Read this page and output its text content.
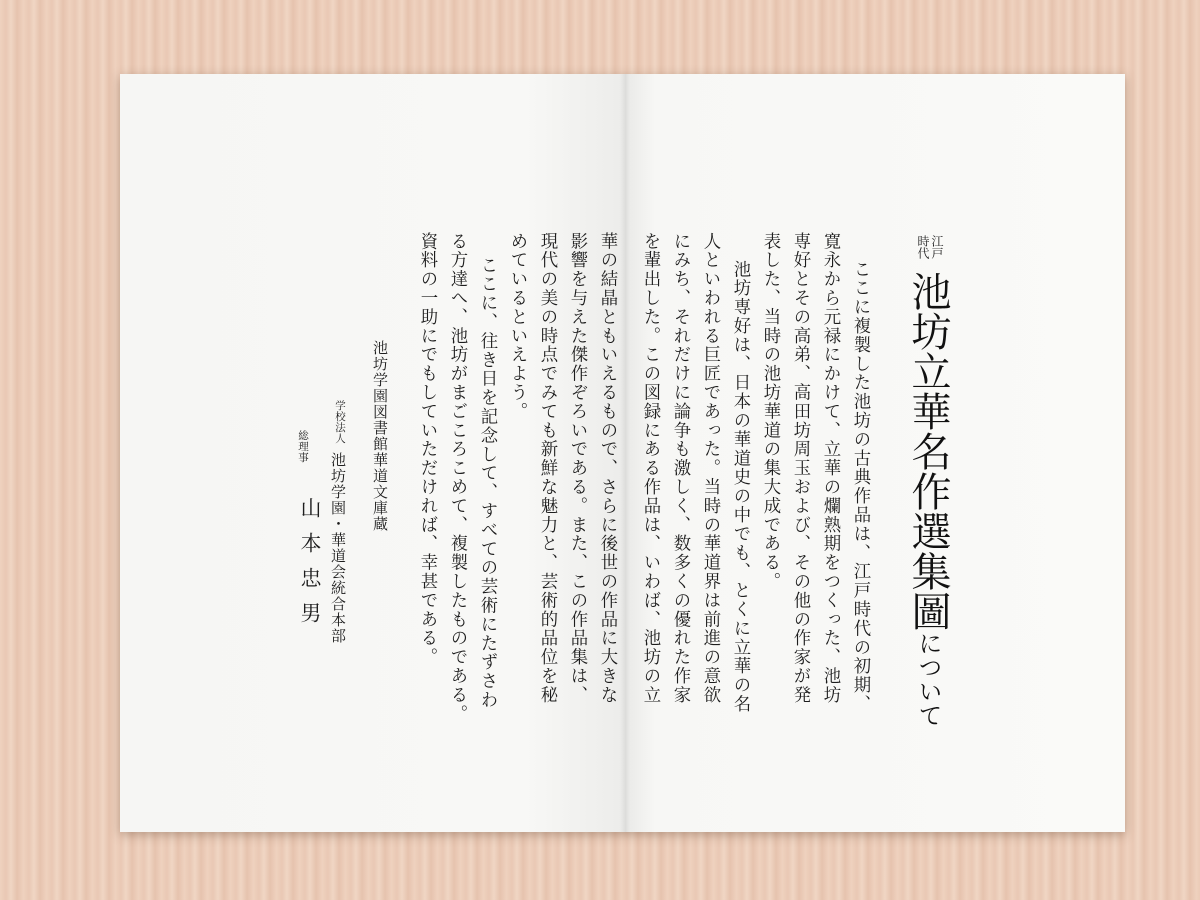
江戸
時代
池坊立華名作選集圖について
ここに複製した池坊の古典作品は、江戸時代の初期、
寛永から元禄にかけて、立華の爛熟期をつくった、池坊
専好とその高弟、高田坊周玉および、その他の作家が発
表した、当時の池坊華道の集大成である。
池坊専好は、日本の華道史の中でも、とくに立華の名
人といわれる巨匠であった。当時の華道界は前進の意欲
にみち、それだけに論争も激しく、数多くの優れた作家
を輩出した。この図録にある作品は、いわば、池坊の立
華の結晶ともいえるもので、さらに後世の作品に大きな
影響を与えた傑作ぞろいである。また、この作品集は、
現代の美の時点でみても新鮮な魅力と、芸術的品位を秘
めているといえよう。
ここに、往き日を記念して、すべての芸術にたずさわ
る方達へ、池坊がまごころこめて、複製したものである。
資料の一助にでもしていただければ、幸甚である。
池坊学園図書館華道文庫蔵
学校法人
池坊学園・華道会統合本部
総理事
山本忠男
